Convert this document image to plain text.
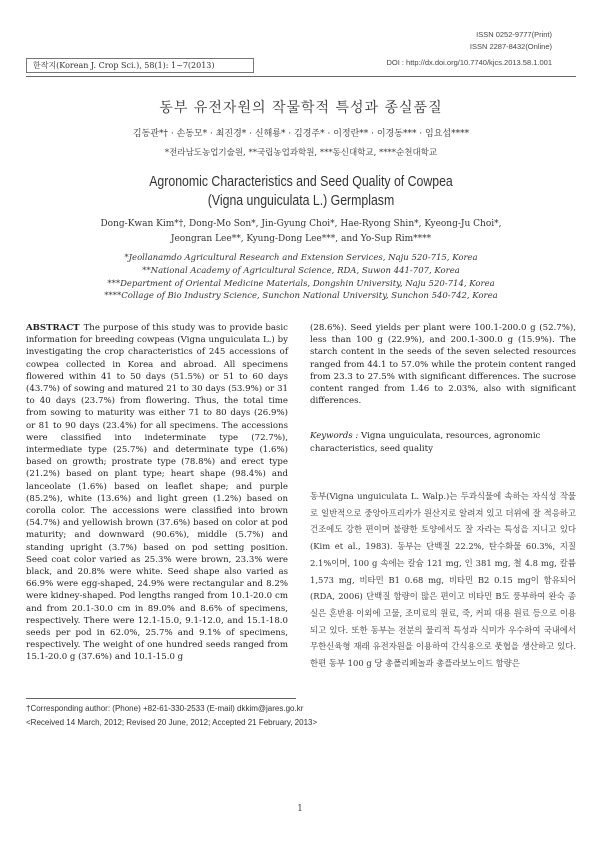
한작지(Korean J. Crop Sci.), 58(1): 1~7(2013)
ISSN 0252-9777(Print)
ISSN 2287-8432(Online)
DOI : http://dx.doi.org/10.7740/kjcs.2013.58.1.001
동부 유전자원의 작물학적 특성과 종실품질
김동관*† · 손동모* · 최진경* · 신해룡* · 김경주* · 이정란** · 이경동*** · 임요섭****
*전라남도농업기술원, **국립농업과학원, ***동신대학교, ****순천대학교
Agronomic Characteristics and Seed Quality of Cowpea
(Vigna unguiculata L.) Germplasm
Dong-Kwan Kim*†, Dong-Mo Son*, Jin-Gyung Choi*, Hae-Ryong Shin*, Kyeong-Ju Choi*,
Jeongran Lee**, Kyung-Dong Lee***, and Yo-Sup Rim****
*Jeollanamdo Agricultural Research and Extension Services, Naju 520-715, Korea
**National Academy of Agricultural Science, RDA, Suwon 441-707, Korea
***Department of Oriental Medicine Materials, Dongshin University, Naju 520-714, Korea
****Collage of Bio Industry Science, Sunchon National University, Sunchon 540-742, Korea
ABSTRACT The purpose of this study was to provide basic information for breeding cowpeas (Vigna unguiculata L.) by investigating the crop characteristics of 245 accessions of cowpea collected in Korea and abroad. All specimens flowered within 41 to 50 days (51.5%) or 51 to 60 days (43.7%) of sowing and matured 21 to 30 days (53.9%) or 31 to 40 days (23.7%) from flowering. Thus, the total time from sowing to maturity was either 71 to 80 days (26.9%) or 81 to 90 days (23.4%) for all specimens. The accessions were classified into indeterminate type (72.7%), intermediate type (25.7%) and determinate type (1.6%) based on growth; prostrate type (78.8%) and erect type (21.2%) based on plant type; heart shape (98.4%) and lanceolate (1.6%) based on leaflet shape; and purple (85.2%), white (13.6%) and light green (1.2%) based on corolla color. The accessions were classified into brown (54.7%) and yellowish brown (37.6%) based on color at pod maturity; and downward (90.6%), middle (5.7%) and standing upright (3.7%) based on pod setting position. Seed coat color varied as 25.3% were brown, 23.3% were black, and 20.8% were white. Seed shape also varied as 66.9% were egg-shaped, 24.9% were rectangular and 8.2% were kidney-shaped. Pod lengths ranged from 10.1-20.0 cm and from 20.1-30.0 cm in 89.0% and 8.6% of specimens, respectively. There were 12.1-15.0, 9.1-12.0, and 15.1-18.0 seeds per pod in 62.0%, 25.7% and 9.1% of specimens, respectively. The weight of one hundred seeds ranged from 15.1-20.0 g (37.6%) and 10.1-15.0 g
(28.6%). Seed yields per plant were 100.1-200.0 g (52.7%), less than 100 g (22.9%), and 200.1-300.0 g (15.9%). The starch content in the seeds of the seven selected resources ranged from 44.1 to 57.0% while the protein content ranged from 23.3 to 27.5% with significant differences. The sucrose content ranged from 1.46 to 2.03%, also with significant differences.
Keywords : Vigna unguiculata, resources, agronomic characteristics, seed quality
동부(Vigna unguiculata L. Walp.)는 두과식물에 속하는 자식성 작물로 일반적으로 중앙아프리카가 원산지로 알려져 있고 더위에 잘 적응하고 건조에도 강한 편이며 불량한 토양에서도 잘 자라는 특성을 지니고 있다(Kim et al., 1983). 동부는 단백질 22.2%, 탄수화물 60.3%, 지질 2.1%이며, 100 g 속에는 칼슘 121 mg, 인 381 mg, 철 4.8 mg, 칼륨 1,573 mg, 비타민 B1 0.68 mg, 비타민 B2 0.15 mg이 함유되어(RDA, 2006) 단백질 함량이 많은 편이고 비타민 B도 풍부하여 완숙 종실은 혼반용 이외에 고물, 조미료의 원료, 죽, 커피 대용 원료 등으로 이용되고 있다. 또한 동부는 전분의 물리적 특성과 식미가 우수하여 국내에서 무한신육형 재래 유전자원을 이용하여 간식용으로 풋협을 생산하고 있다. 한편 동부 100 g 당 총폴리페놀과 총플라보노이드 함량은
†Corresponding author: (Phone) +82-61-330-2533 (E-mail) dkkim@jares.go.kr
<Received 14 March, 2012; Revised 20 June, 2012; Accepted 21 February, 2013>
1
